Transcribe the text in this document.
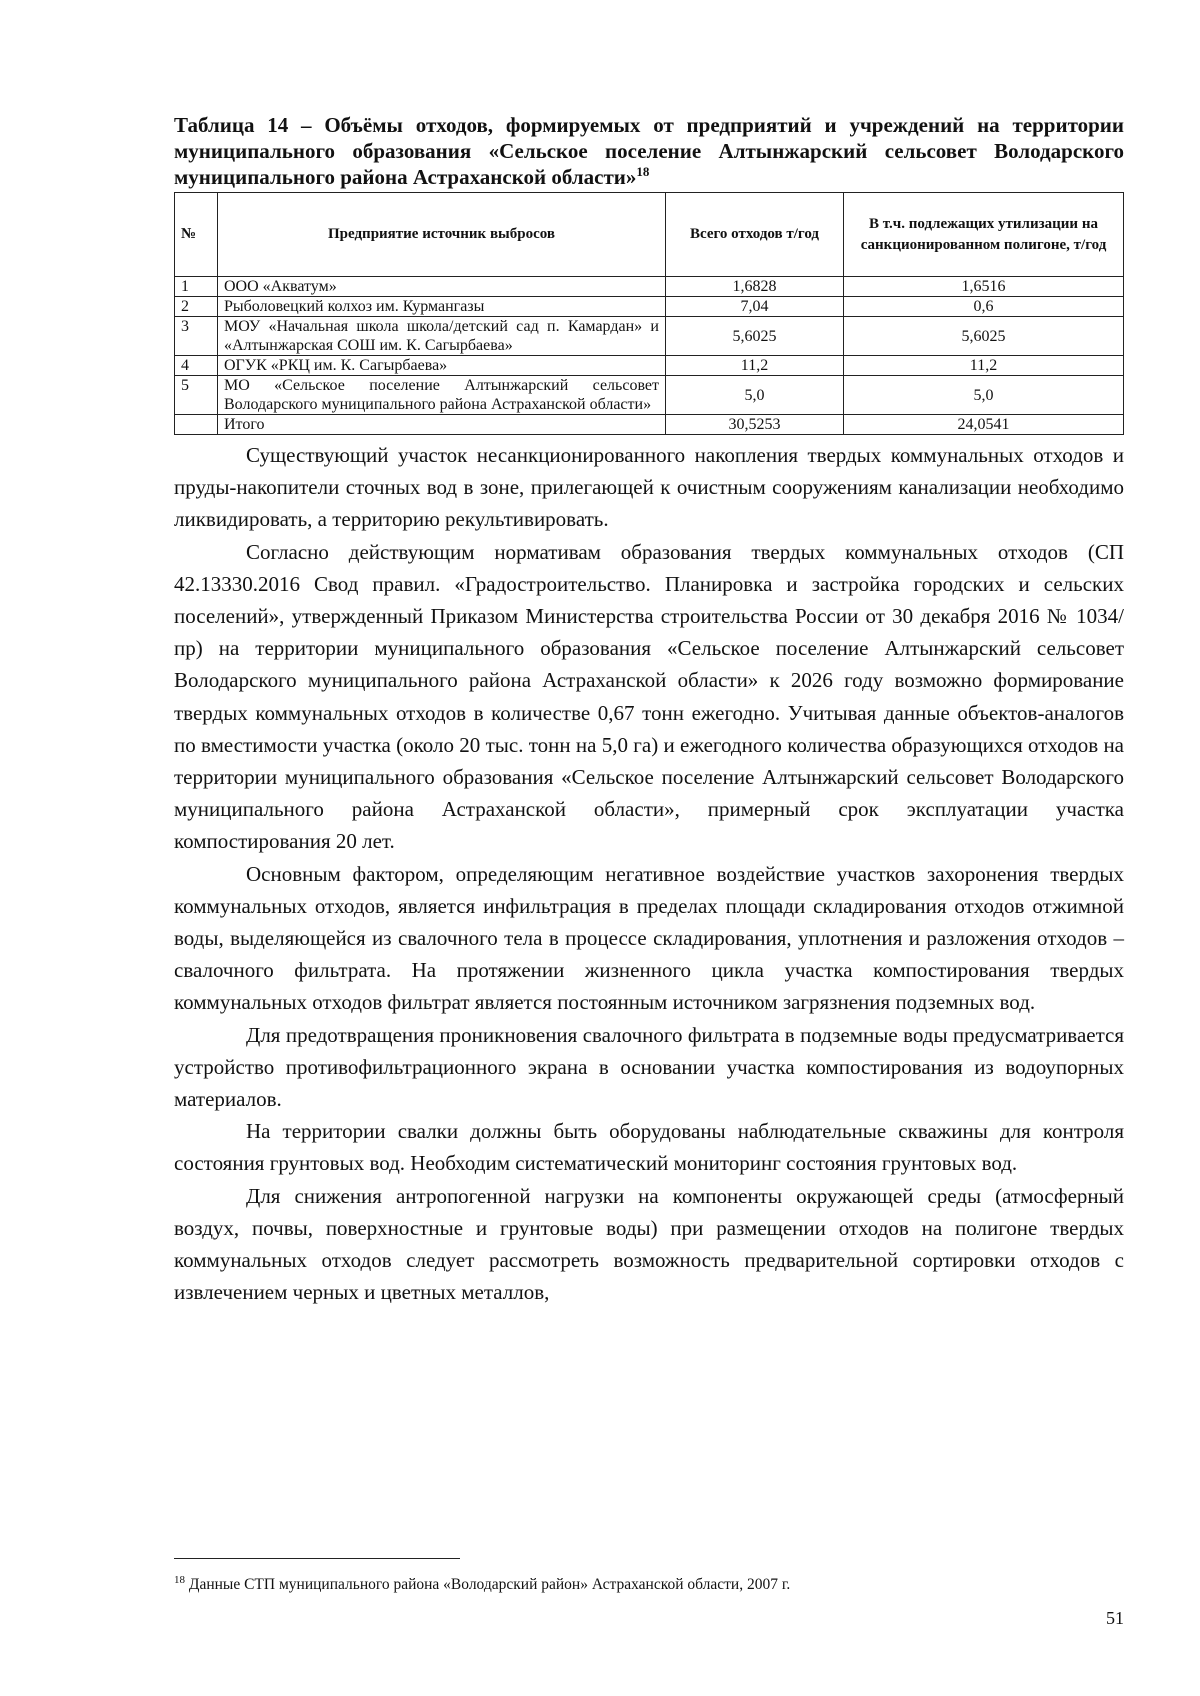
Таблица 14 – Объёмы отходов, формируемых от предприятий и учреждений на территории муниципального образования «Сельское поселение Алтынжарский сельсовет Володарского муниципального района Астраханской области»$^{18}$

№	Предприятие источник выбросов	Всего отходов т/год	В т.ч. подлежащих утилизации на санкционированном полигоне, т/год
1	ООО «Акватум»	1,6828	1,6516
2	Рыболовецкий колхоз им. Курмангазы	7,04	0,6
3	МОУ «Начальная школа школа/детский сад п. Камардан» и «Алтынжарская СОШ им. К. Сагырбаева»	5,6025	5,6025
4	ОГУК «РКЦ им. К. Сагырбаева»	11,2	11,2
5	МО «Сельское поселение Алтынжарский сельсовет Володарского муниципального района Астраханской области»	5,0	5,0
	Итого	30,5253	24,0541

Существующий участок несанкционированного накопления твердых коммунальных отходов и пруды-накопители сточных вод в зоне, прилегающей к очистным сооружениям канализации необходимо ликвидировать, а территорию рекультивировать.

Согласно действующим нормативам образования твердых коммунальных отходов (СП 42.13330.2016 Свод правил. «Градостроительство. Планировка и застройка городских и сельских поселений», утвержденный Приказом Министерства строительства России от 30 декабря 2016 № 1034/пр) на территории муниципального образования «Сельское поселение Алтынжарский сельсовет Володарского муниципального района Астраханской области» к 2026 году возможно формирование твердых коммунальных отходов в количестве 0,67 тонн ежегодно. Учитывая данные объектов-аналогов по вместимости участка (около 20 тыс. тонн на 5,0 га) и ежегодного количества образующихся отходов на территории муниципального образования «Сельское поселение Алтынжарский сельсовет Володарского муниципального района Астраханской области», примерный срок эксплуатации участка компостирования 20 лет.

Основным фактором, определяющим негативное воздействие участков захоронения твердых коммунальных отходов, является инфильтрация в пределах площади складирования отходов отжимной воды, выделяющейся из свалочного тела в процессе складирования, уплотнения и разложения отходов – свалочного фильтрата. На протяжении жизненного цикла участка компостирования твердых коммунальных отходов фильтрат является постоянным источником загрязнения подземных вод.

Для предотвращения проникновения свалочного фильтрата в подземные воды предусматривается устройство противофильтрационного экрана в основании участка компостирования из водоупорных материалов.

На территории свалки должны быть оборудованы наблюдательные скважины для контроля состояния грунтовых вод. Необходим систематический мониторинг состояния грунтовых вод.

Для снижения антропогенной нагрузки на компоненты окружающей среды (атмосферный воздух, почвы, поверхностные и грунтовые воды) при размещении отходов на полигоне твердых коммунальных отходов следует рассмотреть возможность предварительной сортировки отходов с извлечением черных и цветных металлов,

$^{18}$ Данные СТП муниципального района «Володарский район» Астраханской области, 2007 г.
51
